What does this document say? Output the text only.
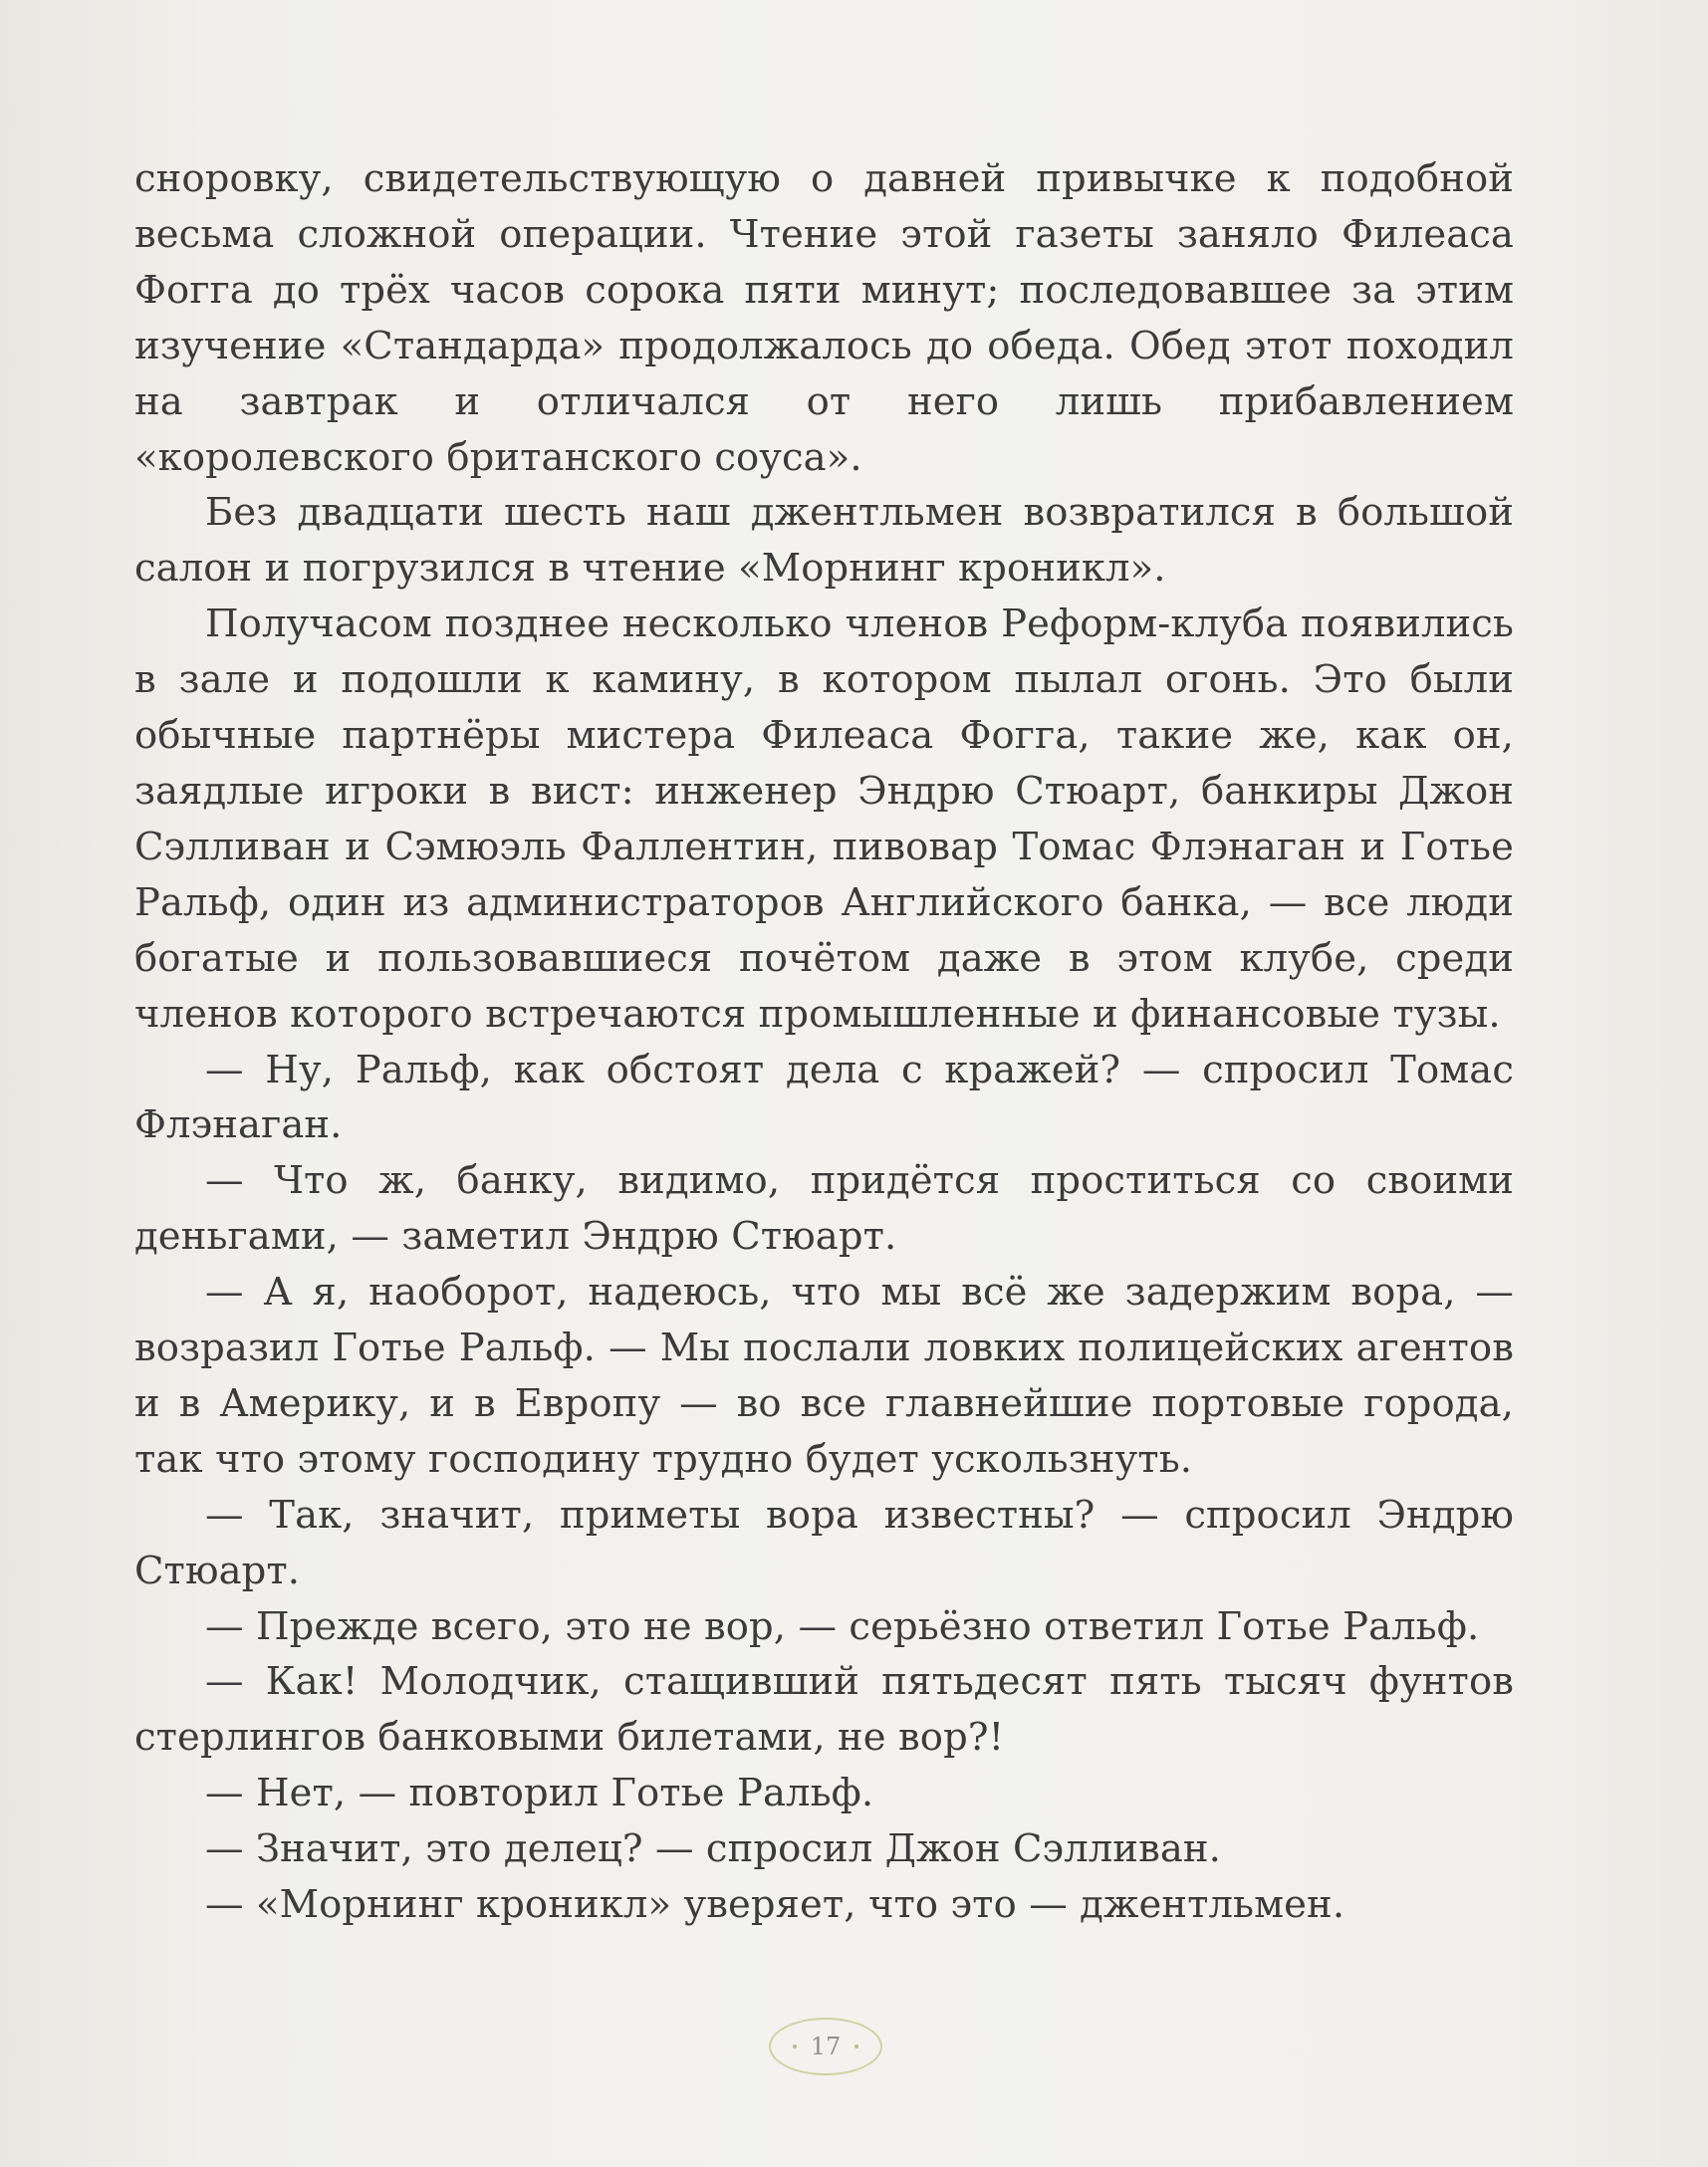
сноровку, свидетельствующую о давней привычке к подобной весьма сложной операции. Чтение этой газеты заняло Филеаса Фогга до трёх часов сорока пяти минут; последовавшее за этим изучение «Стандарда» продолжалось до обеда. Обед этот походил на завтрак и отличался от него лишь прибавлением «королевского британского соуса».

Без двадцати шесть наш джентльмен возвратился в большой салон и погрузился в чтение «Морнинг кроникл».

Получасом позднее несколько членов Реформ-клуба появились в зале и подошли к камину, в котором пылал огонь. Это были обычные партнёры мистера Филеаса Фогга, такие же, как он, заядлые игроки в вист: инженер Эндрю Стюарт, банкиры Джон Сэлливан и Сэмюэль Фаллентин, пивовар Томас Флэнаган и Готье Ральф, один из администраторов Английского банка, — все люди богатые и пользовавшиеся почётом даже в этом клубе, среди членов которого встречаются промышленные и финансовые тузы.

— Ну, Ральф, как обстоят дела с кражей? — спросил Томас Флэнаган.

— Что ж, банку, видимо, придётся проститься со своими деньгами, — заметил Эндрю Стюарт.

— А я, наоборот, надеюсь, что мы всё же задержим вора, — возразил Готье Ральф. — Мы послали ловких полицейских агентов и в Америку, и в Европу — во все главнейшие портовые города, так что этому господину трудно будет ускользнуть.

— Так, значит, приметы вора известны? — спросил Эндрю Стюарт.

— Прежде всего, это не вор, — серьёзно ответил Готье Ральф.

— Как! Молодчик, стащивший пятьдесят пять тысяч фунтов стерлингов банковыми билетами, не вор?!

— Нет, — повторил Готье Ральф.

— Значит, это делец? — спросил Джон Сэлливан.

— «Морнинг кроникл» уверяет, что это — джентльмен.

17
